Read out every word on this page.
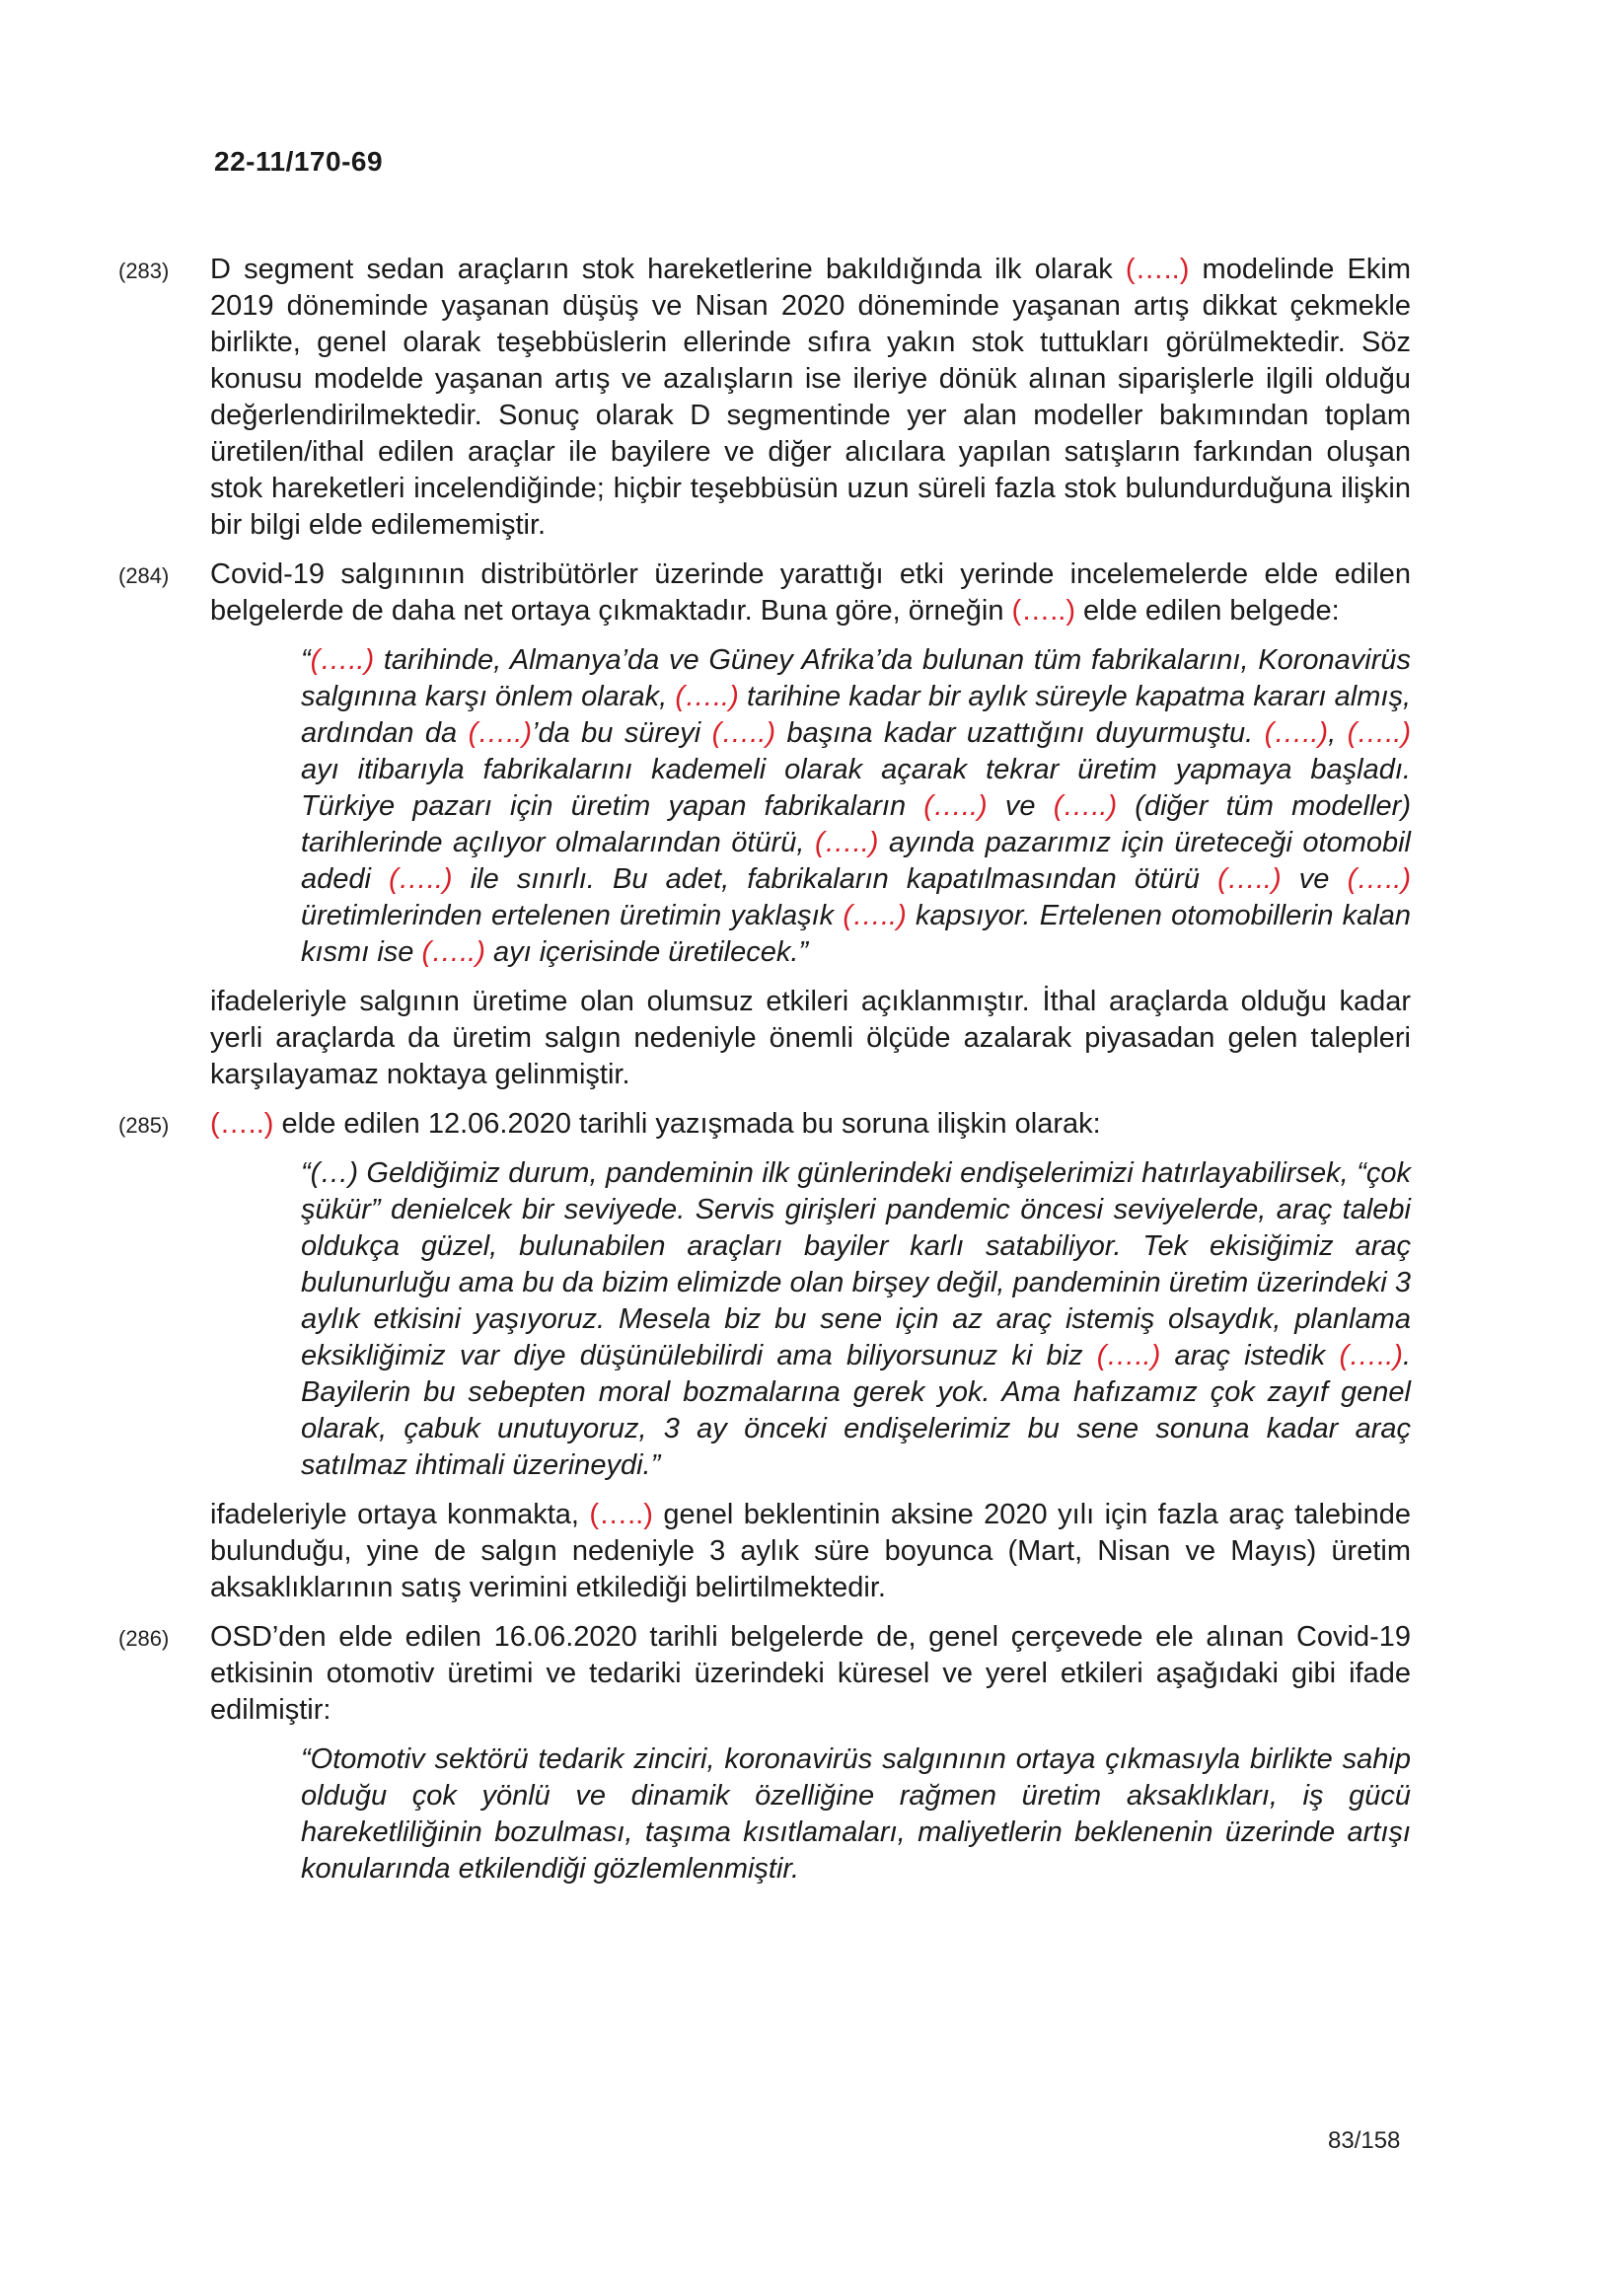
22-11/170-69
(283) D segment sedan araçların stok hareketlerine bakıldığında ilk olarak (…..) modelinde Ekim 2019 döneminde yaşanan düşüş ve Nisan 2020 döneminde yaşanan artış dikkat çekmekle birlikte, genel olarak teşebbüslerin ellerinde sıfıra yakın stok tuttukları görülmektedir. Söz konusu modelde yaşanan artış ve azalışların ise ileriye dönük alınan siparişlerle ilgili olduğu değerlendirilmektedir. Sonuç olarak D segmentinde yer alan modeller bakımından toplam üretilen/ithal edilen araçlar ile bayilere ve diğer alıcılara yapılan satışların farkından oluşan stok hareketleri incelendiğinde; hiçbir teşebbüsün uzun süreli fazla stok bulundurduğuna ilişkin bir bilgi elde edilememiştir.
(284) Covid-19 salgınının distribütörler üzerinde yarattığı etki yerinde incelemelerde elde edilen belgelerde de daha net ortaya çıkmaktadır. Buna göre, örneğin (…..) elde edilen belgede:
“(…..) tarihinde, Almanya’da ve Güney Afrika’da bulunan tüm fabrikalarını, Koronavirüs salgınına karşı önlem olarak, (…..) tarihine kadar bir aylık süreyle kapatma kararı almış, ardından da (…..)’da bu süreyi (…..) başına kadar uzattığını duyurmuştu. (…..), (…..) ayı itibarıyla fabrikalarını kademeli olarak açarak tekrar üretim yapmaya başladı. Türkiye pazarı için üretim yapan fabrikaların (…..) ve (…..) (diğer tüm modeller) tarihlerinde açılıyor olmalarından ötürü, (…..) ayında pazarımız için üreteceği otomobil adedi (…..) ile sınırlı. Bu adet, fabrikaların kapatılmasından ötürü (…..) ve (…..) üretimlerinden ertelenen üretimin yaklaşık (…..) kapsıyor. Ertelenen otomobillerin kalan kısmı ise (…..) ayı içerisinde üretilecek.”
ifadeleriyle salgının üretime olan olumsuz etkileri açıklanmıştır. İthal araçlarda olduğu kadar yerli araçlarda da üretim salgın nedeniyle önemli ölçüde azalarak piyasadan gelen talepleri karşılayamaz noktaya gelinmiştir.
(285) (…..) elde edilen 12.06.2020 tarihli yazışmada bu soruna ilişkin olarak:
“(…) Geldiğimiz durum, pandeminin ilk günlerindeki endişelerimizi hatırlayabilirsek, “çok şükür” denielcek bir seviyede. Servis girişleri pandemic öncesi seviyelerde, araç talebi oldukça güzel, bulunabilen araçları bayiler karlı satabiliyor. Tek ekisiğimiz araç bulunurluğu ama bu da bizim elimizde olan birşey değil, pandeminin üretim üzerindeki 3 aylık etkisini yaşıyoruz. Mesela biz bu sene için az araç istemiş olsaydık, planlama eksikliğimiz var diye düşünülebilirdi ama biliyorsunuz ki biz (…..) araç istedik (…..). Bayilerin bu sebepten moral bozmalarına gerek yok. Ama hafızamız çok zayıf genel olarak, çabuk unutuyoruz, 3 ay önceki endişelerimiz bu sene sonuna kadar araç satılmaz ihtimali üzerineydi.”
ifadeleriyle ortaya konmakta, (…..) genel beklentinin aksine 2020 yılı için fazla araç talebinde bulunduğu, yine de salgın nedeniyle 3 aylık süre boyunca (Mart, Nisan ve Mayıs) üretim aksaklıklarının satış verimini etkilediği belirtilmektedir.
(286) OSD’den elde edilen 16.06.2020 tarihli belgelerde de, genel çerçevede ele alınan Covid-19 etkisinin otomotiv üretimi ve tedariki üzerindeki küresel ve yerel etkileri aşağıdaki gibi ifade edilmiştir:
“Otomotiv sektörü tedarik zinciri, koronavirüs salgınının ortaya çıkmasıyla birlikte sahip olduğu çok yönlü ve dinamik özelliğine rağmen üretim aksaklıkları, iş gücü hareketliliğinin bozulması, taşıma kısıtlamaları, maliyetlerin beklenenin üzerinde artışı konularında etkilendiği gözlemlenmiştir.
83/158
